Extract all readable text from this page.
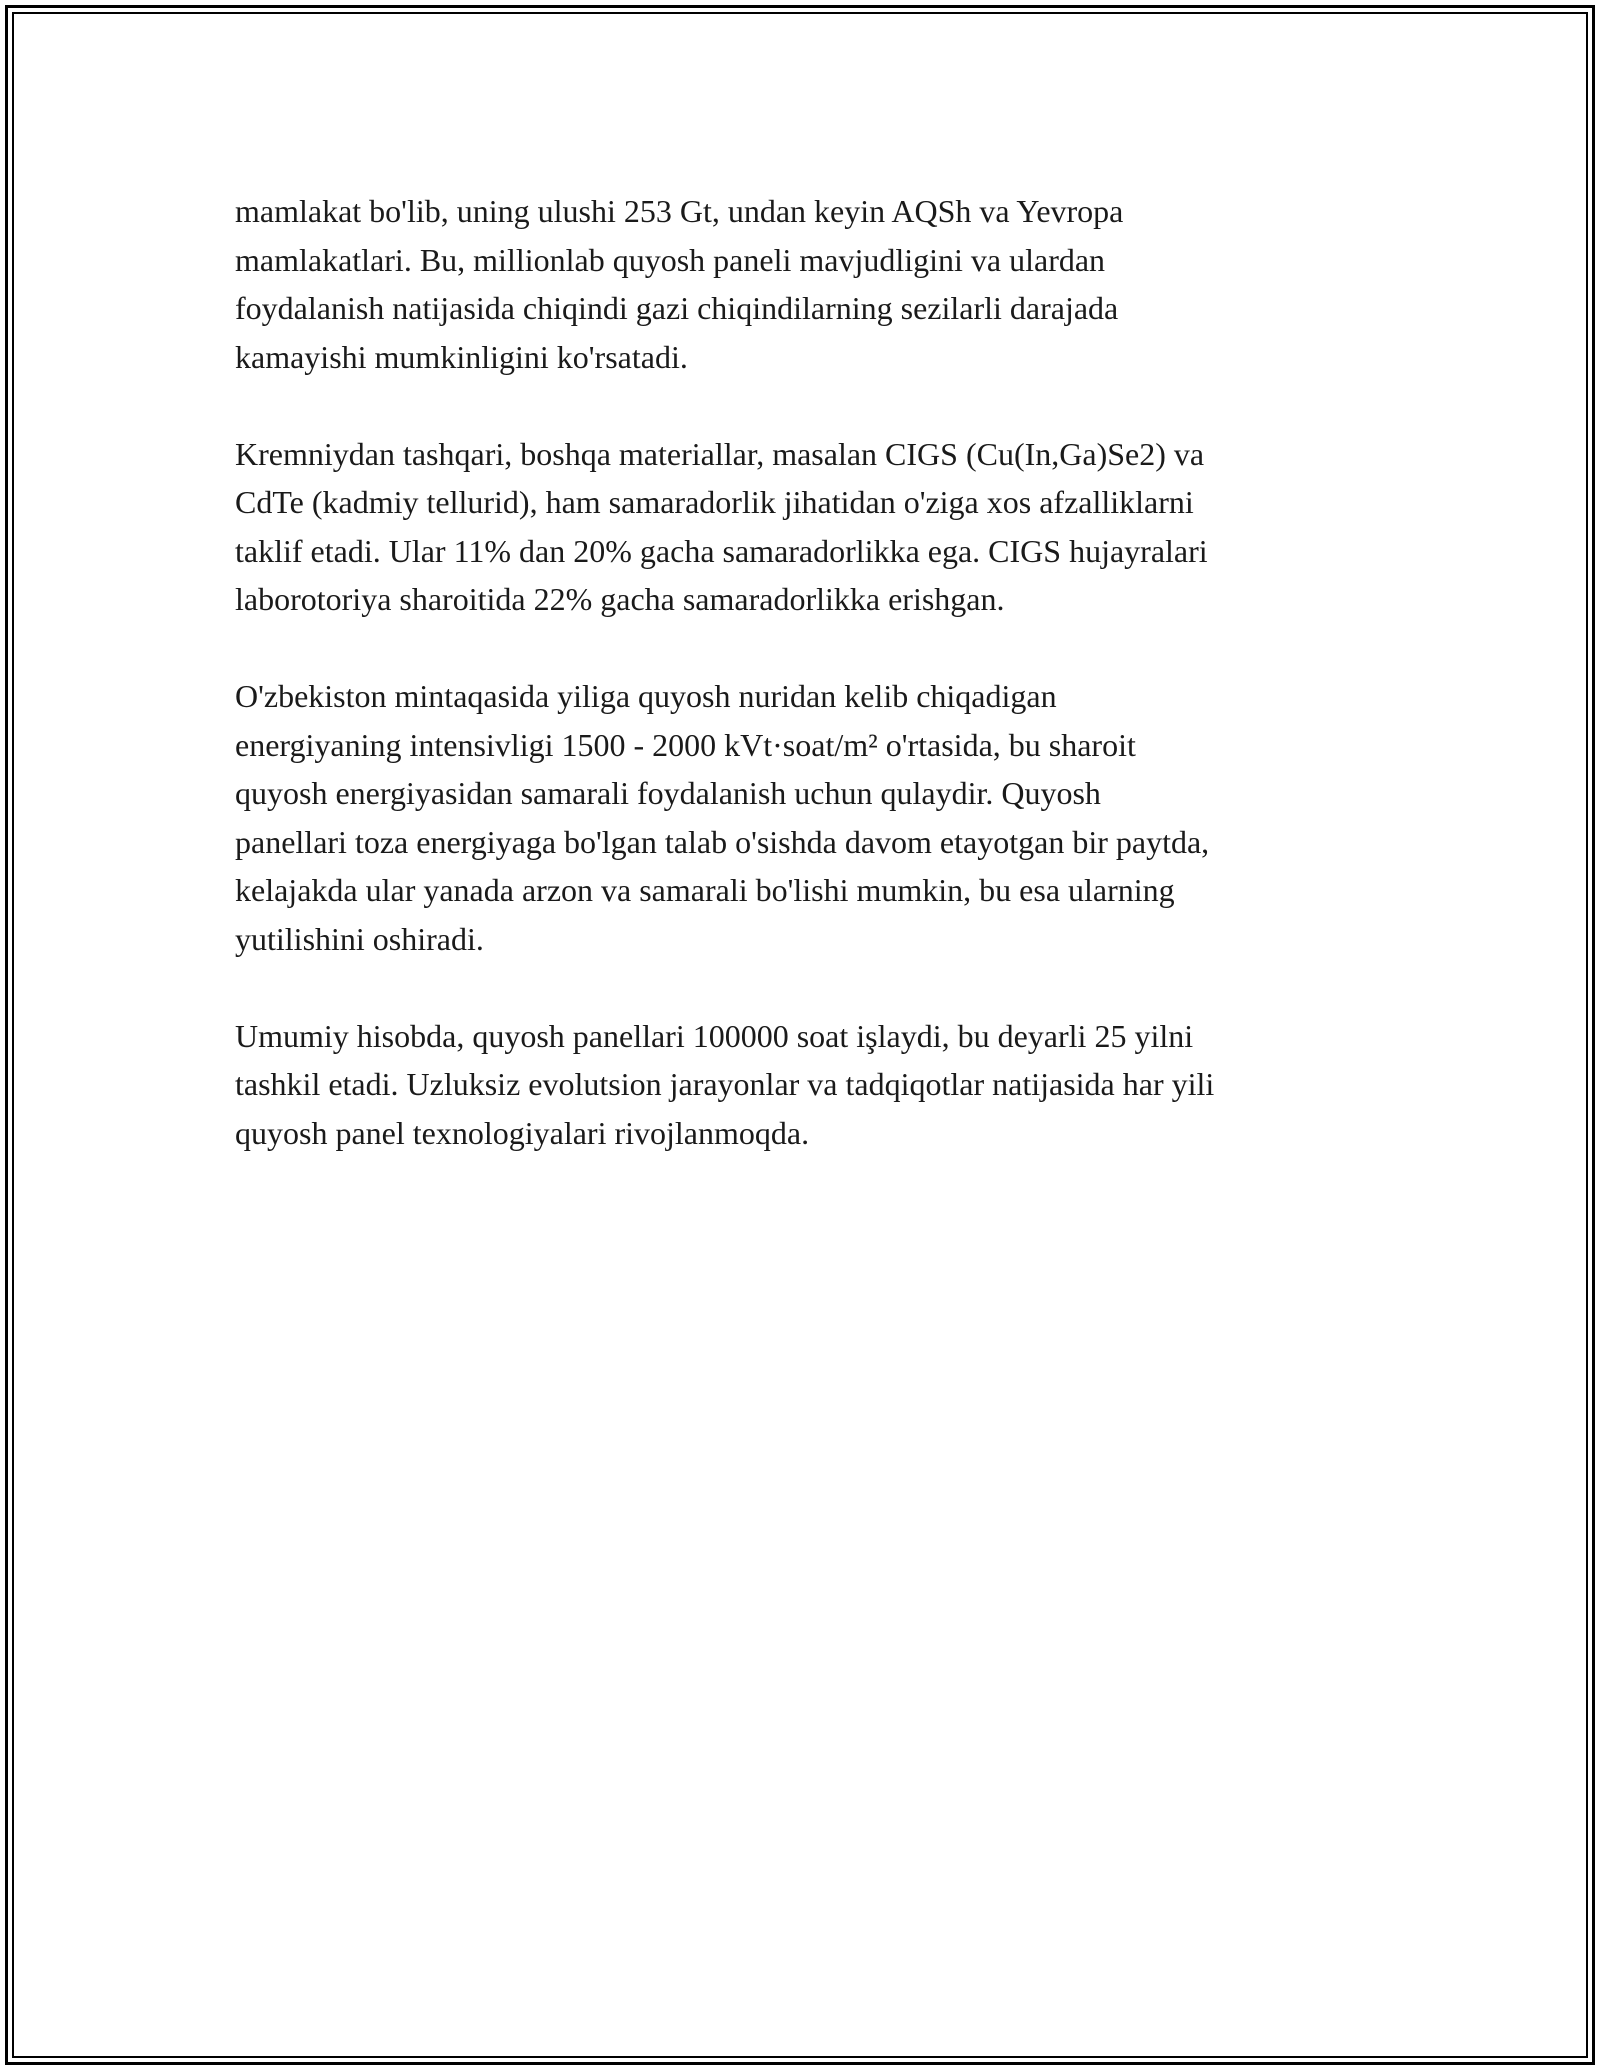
mamlakat bo'lib, uning ulushi 253 Gt, undan keyin AQSh va Yevropa
mamlakatlari. Bu, millionlab quyosh paneli mavjudligini va ulardan
foydalanish natijasida chiqindi gazi chiqindilarning sezilarli darajada
kamayishi mumkinligini ko'rsatadi.

Kremniydan tashqari, boshqa materiallar, masalan CIGS (Cu(In,Ga)Se2) va
CdTe (kadmiy tellurid), ham samaradorlik jihatidan o'ziga xos afzalliklarni
taklif etadi. Ular 11% dan 20% gacha samaradorlikka ega. CIGS hujayralari
laborotoriya sharoitida 22% gacha samaradorlikka erishgan.

O'zbekiston mintaqasida yiliga quyosh nuridan kelib chiqadigan
energiyaning intensivligi 1500 - 2000 kVt·soat/m² o'rtasida, bu sharoit
quyosh energiyasidan samarali foydalanish uchun qulaydir. Quyosh
panellari toza energiyaga bo'lgan talab o'sishda davom etayotgan bir paytda,
kelajakda ular yanada arzon va samarali bo'lishi mumkin, bu esa ularning
yutilishini oshiradi.

Umumiy hisobda, quyosh panellari 100000 soat işlaydi, bu deyarli 25 yilni
tashkil etadi. Uzluksiz evolutsion jarayonlar va tadqiqotlar natijasida har yili
quyosh panel texnologiyalari rivojlanmoqda.
